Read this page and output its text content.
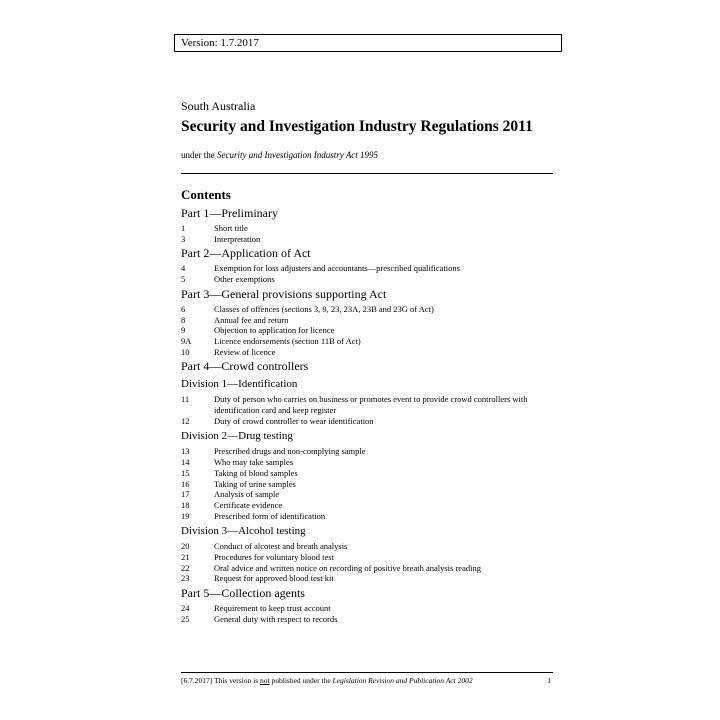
Version: 1.7.2017
South Australia
Security and Investigation Industry Regulations 2011
under the Security and Investigation Industry Act 1995
Contents
Part 1—Preliminary
1	Short title
3	Interpretation
Part 2—Application of Act
4	Exemption for loss adjusters and accountants—prescribed qualifications
5	Other exemptions
Part 3—General provisions supporting Act
6	Classes of offences (sections 3, 9, 23, 23A, 23B and 23G of Act)
8	Annual fee and return
9	Objection to application for licence
9A	Licence endorsements (section 11B of Act)
10	Review of licence
Part 4—Crowd controllers
Division 1—Identification
11	Duty of person who carries on business or promotes event to provide crowd controllers with identification card and keep register
12	Duty of crowd controller to wear identification
Division 2—Drug testing
13	Prescribed drugs and non-complying sample
14	Who may take samples
15	Taking of blood samples
16	Taking of urine samples
17	Analysis of sample
18	Certificate evidence
19	Prescribed form of identification
Division 3—Alcohol testing
20	Conduct of alcotest and breath analysis
21	Procedures for voluntary blood test
22	Oral advice and written notice on recording of positive breath analysis reading
23	Request for approved blood test kit
Part 5—Collection agents
24	Requirement to keep trust account
25	General duty with respect to records
[6.7.2017] This version is not published under the Legislation Revision and Publication Act 2002	1
